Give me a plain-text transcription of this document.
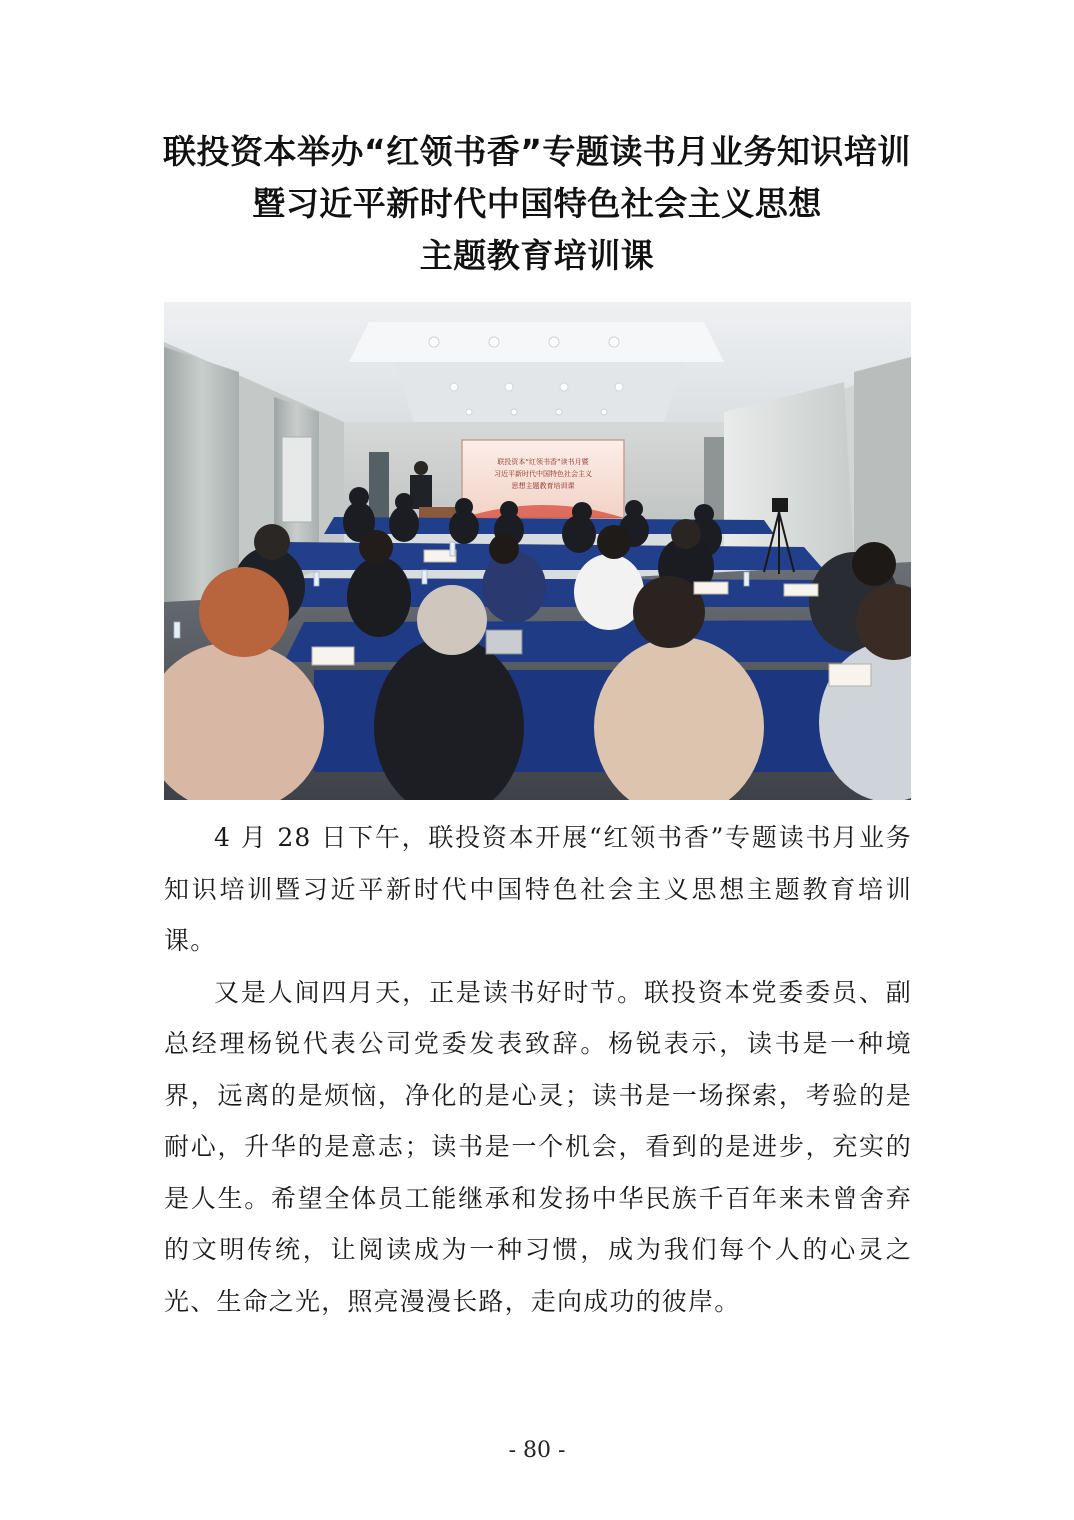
联投资本举办“红领书香”专题读书月业务知识培训
暨习近平新时代中国特色社会主义思想
主题教育培训课
联投资本“红领书香”读书月暨
习近平新时代中国特色社会主义
思想主题教育培训课

4 月 28 日下午，联投资本开展“红领书香”专题读书月业务知识培训暨习近平新时代中国特色社会主义思想主题教育培训课。

又是人间四月天，正是读书好时节。联投资本党委委员、副总经理杨锐代表公司党委发表致辞。杨锐表示，读书是一种境界，远离的是烦恼，净化的是心灵；读书是一场探索，考验的是耐心，升华的是意志；读书是一个机会，看到的是进步，充实的是人生。希望全体员工能继承和发扬中华民族千百年来未曾舍弃的文明传统，让阅读成为一种习惯，成为我们每个人的心灵之光、生命之光，照亮漫漫长路，走向成功的彼岸。

- 80 -
